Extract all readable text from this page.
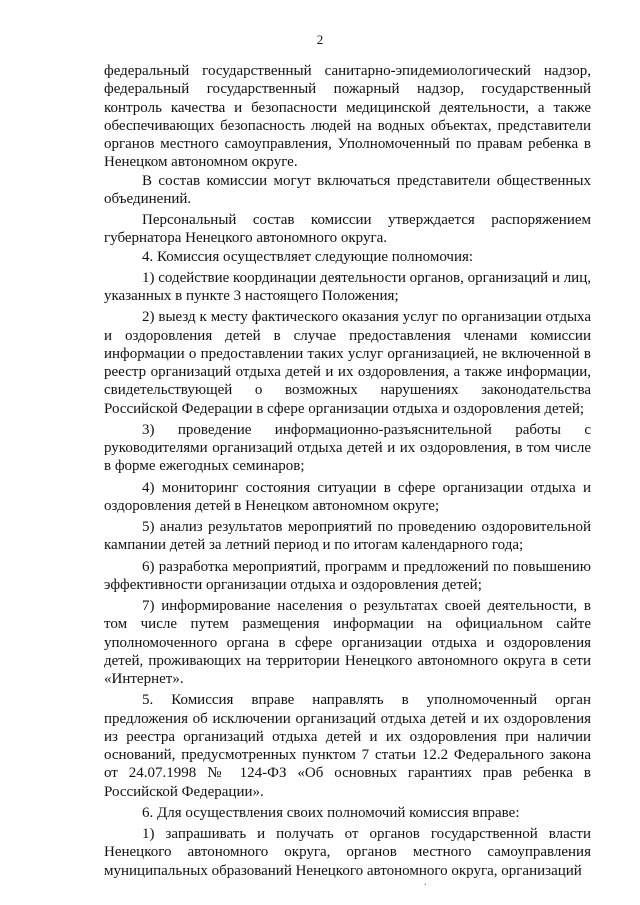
2

федеральный государственный санитарно-эпидемиологический надзор, федеральный государственный пожарный надзор, государственный контроль качества и безопасности медицинской деятельности, а также обеспечивающих безопасность людей на водных объектах, представители органов местного самоуправления, Уполномоченный по правам ребенка в Ненецком автономном округе.

В состав комиссии могут включаться представители общественных объединений.

Персональный состав комиссии утверждается распоряжением губернатора Ненецкого автономного округа.

4. Комиссия осуществляет следующие полномочия:

1) содействие координации деятельности органов, организаций и лиц, указанных в пункте 3 настоящего Положения;

2) выезд к месту фактического оказания услуг по организации отдыха и оздоровления детей в случае предоставления членами комиссии информации о предоставлении таких услуг организацией, не включенной в реестр организаций отдыха детей и их оздоровления, а также информации, свидетельствующей о возможных нарушениях законодательства Российской Федерации в сфере организации отдыха и оздоровления детей;

3) проведение информационно-разъяснительной работы с руководителями организаций отдыха детей и их оздоровления, в том числе в форме ежегодных семинаров;

4) мониторинг состояния ситуации в сфере организации отдыха и оздоровления детей в Ненецком автономном округе;

5) анализ результатов мероприятий по проведению оздоровительной кампании детей за летний период и по итогам календарного года;

6) разработка мероприятий, программ и предложений по повышению эффективности организации отдыха и оздоровления детей;

7) информирование населения о результатах своей деятельности, в том числе путем размещения информации на официальном сайте уполномоченного органа в сфере организации отдыха и оздоровления детей, проживающих на территории Ненецкого автономного округа в сети «Интернет».

5. Комиссия вправе направлять в уполномоченный орган предложения об исключении организаций отдыха детей и их оздоровления из реестра организаций отдыха детей и их оздоровления при наличии оснований, предусмотренных пунктом 7 статьи 12.2 Федерального закона от 24.07.1998 № 124-ФЗ «Об основных гарантиях прав ребенка в Российской Федерации».

6. Для осуществления своих полномочий комиссия вправе:

1) запрашивать и получать от органов государственной власти Ненецкого автономного округа, органов местного самоуправления муниципальных образований Ненецкого автономного округа, организаций

.
